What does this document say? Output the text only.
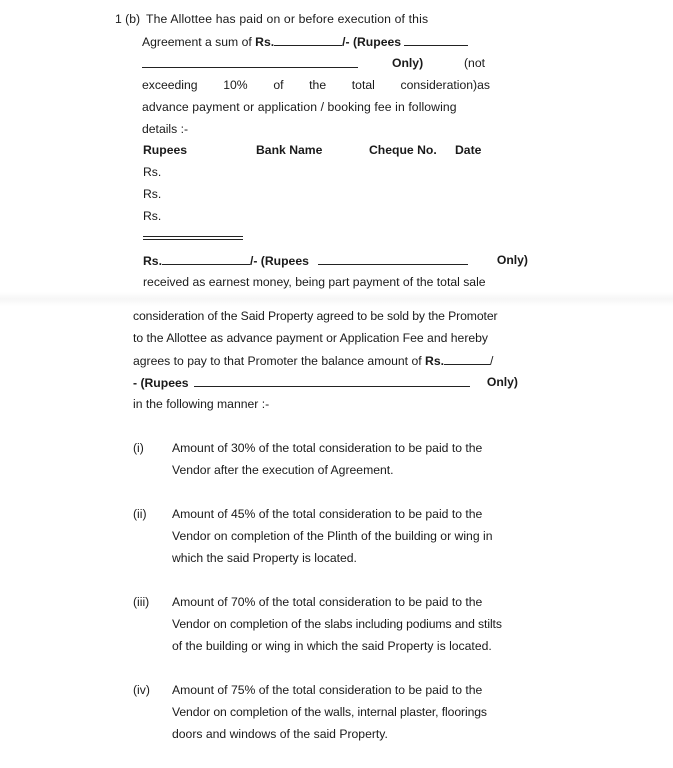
1 (b) The Allottee has paid on or before execution of this
Agreement a sum of Rs.	/- (Rupees
Only)	(not
exceeding 10% of the total consideration)as
advance payment or application / booking fee in following
details :-
Rupees	Bank Name	Cheque No. Date
Rs.
Rs.
Rs.
Rs.	/- (Rupees	Only)
received as earnest money, being part payment of the total sale
consideration of the Said Property agreed to be sold by the Promoter
to the Allottee as advance payment or Application Fee and hereby
agrees to pay to that Promoter the balance amount of Rs.	/
- (Rupees	Only)
in the following manner :-
(i) Amount of 30% of the total consideration to be paid to the
Vendor after the execution of Agreement.
(ii) Amount of 45% of the total consideration to be paid to the
Vendor on completion of the Plinth of the building or wing in
which the said Property is located.
(iii) Amount of 70% of the total consideration to be paid to the
Vendor on completion of the slabs including podiums and stilts
of the building or wing in which the said Property is located.
(iv) Amount of 75% of the total consideration to be paid to the
Vendor on completion of the walls, internal plaster, floorings
doors and windows of the said Property.
